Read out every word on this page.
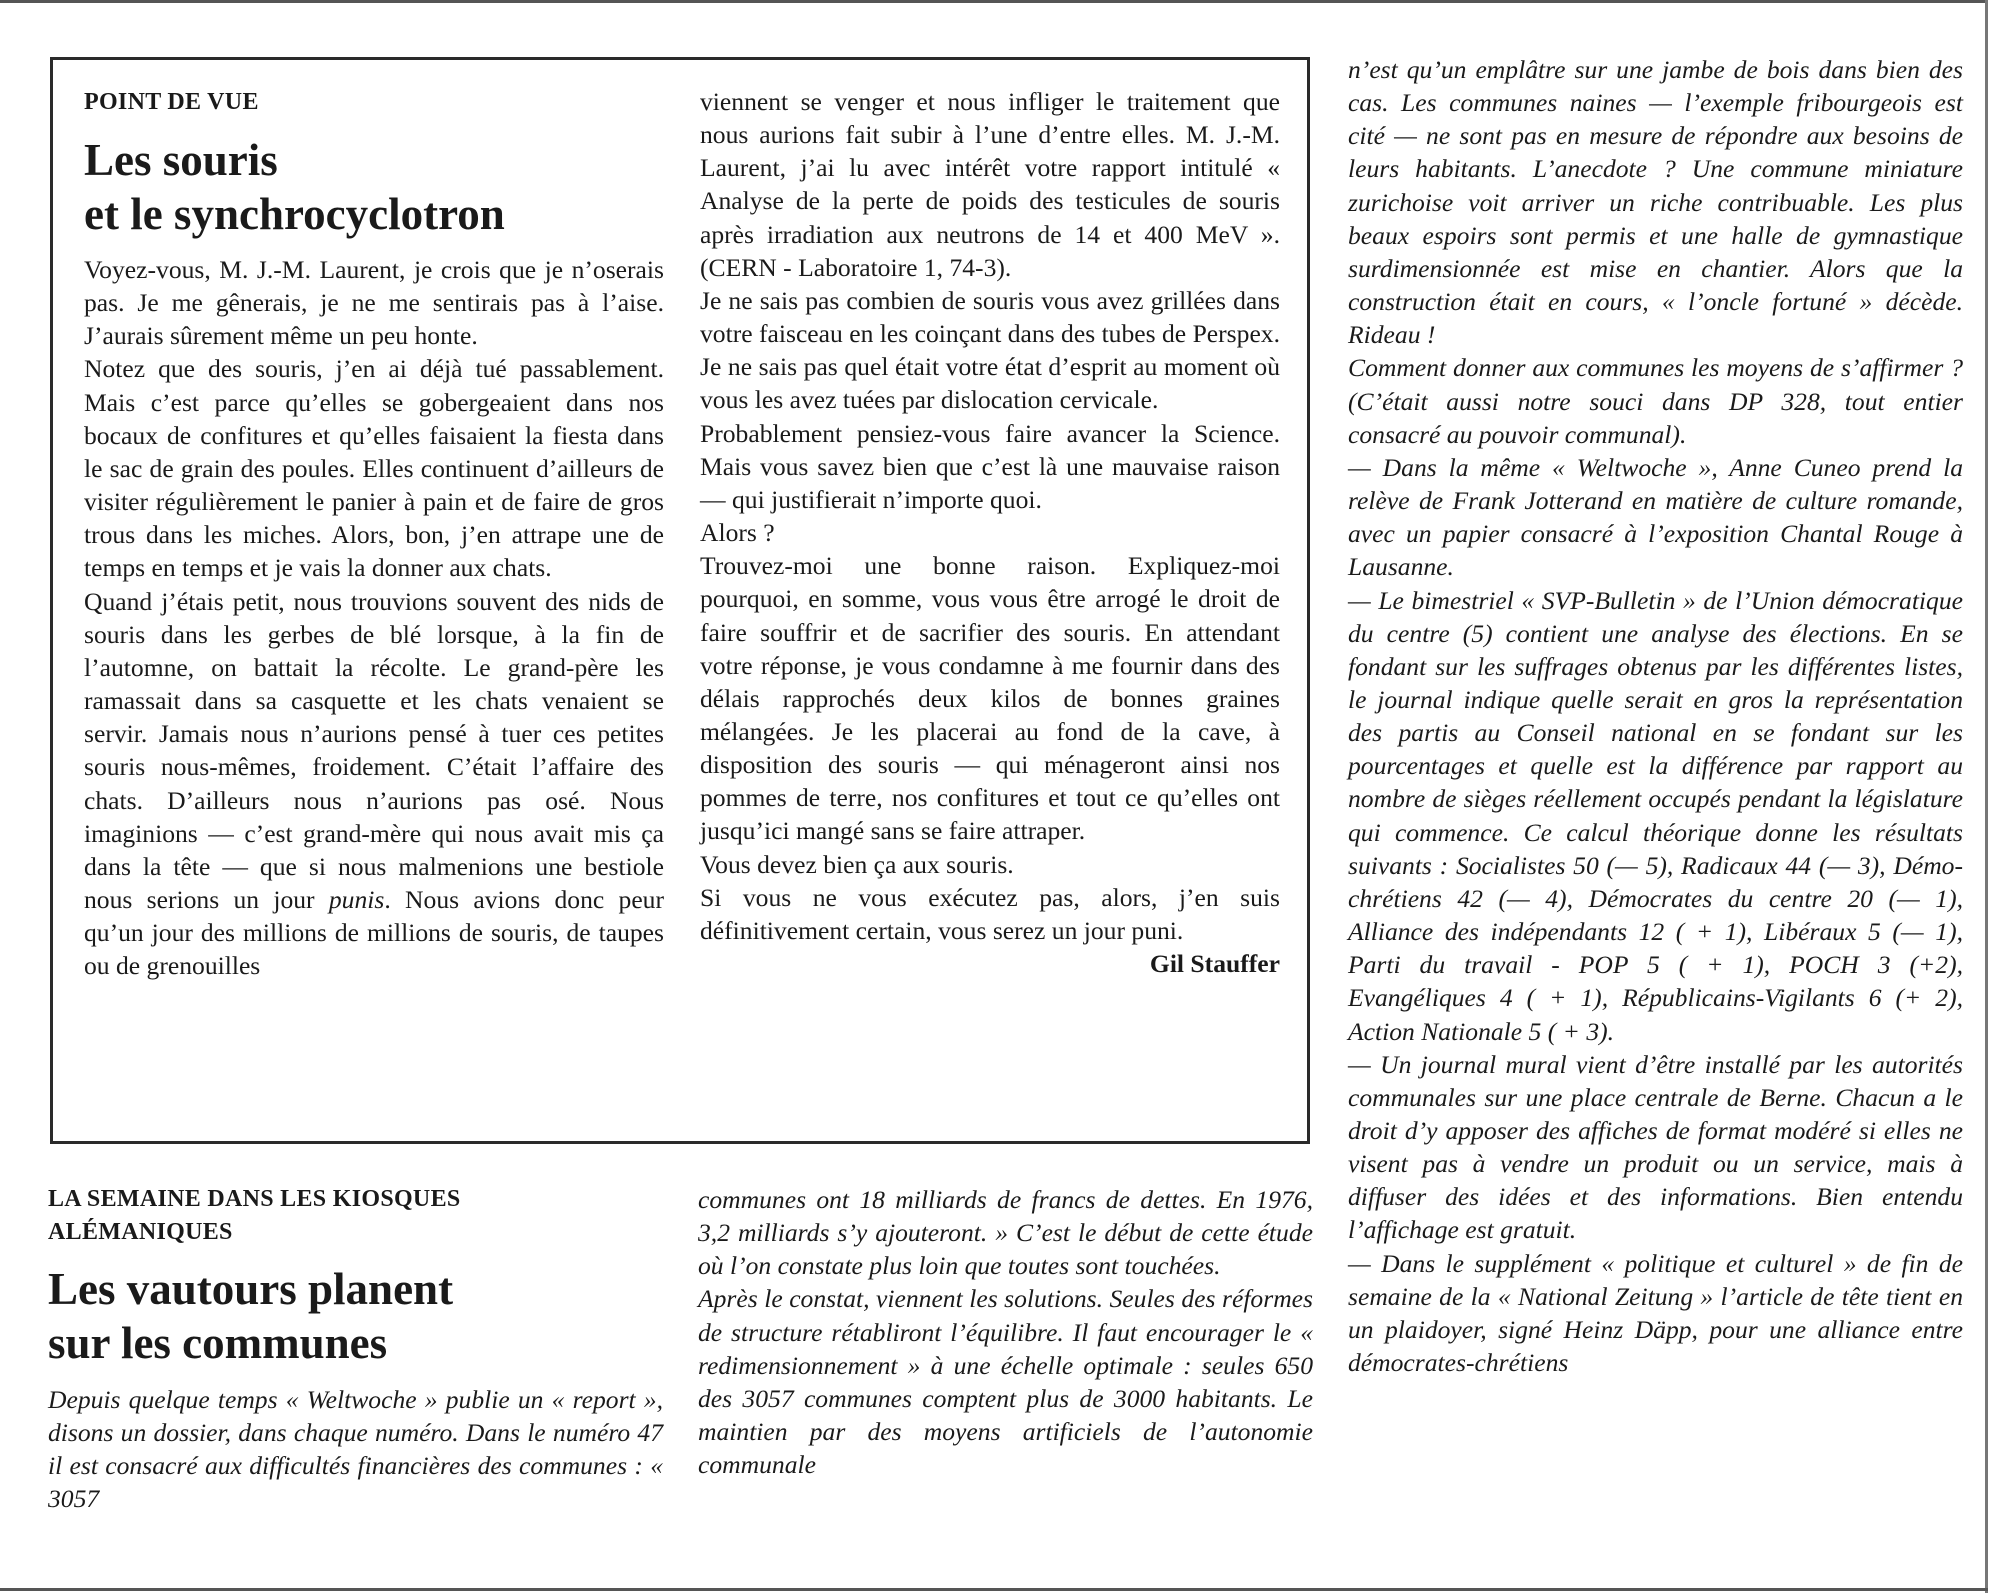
POINT DE VUE
Les souris
et le synchrocyclotron

Voyez-vous, M. J.-M. Laurent, je crois que je n’oserais pas. Je me gênerais, je ne me sentirais pas à l’aise. J’aurais sûrement même un peu honte.

Notez que des souris, j’en ai déjà tué passablement. Mais c’est parce qu’elles se gobergeaient dans nos bocaux de confitures et qu’elles faisaient la fiesta dans le sac de grain des poules. Elles continuent d’ailleurs de visiter régulièrement le panier à pain et de faire de gros trous dans les miches. Alors, bon, j’en attrape une de temps en temps et je vais la donner aux chats.

Quand j’étais petit, nous trouvions souvent des nids de souris dans les gerbes de blé lorsque, à la fin de l’automne, on battait la récolte. Le grand-père les ramassait dans sa casquette et les chats venaient se servir. Jamais nous n’aurions pensé à tuer ces petites souris nous-mêmes, froidement. C’était l’affaire des chats. D’ailleurs nous n’aurions pas osé. Nous imaginions — c’est grand-mère qui nous avait mis ça dans la tête — que si nous malmenions une bestiole nous serions un jour punis. Nous avions donc peur qu’un jour des millions de millions de souris, de taupes ou de grenouilles

viennent se venger et nous infliger le traitement que nous aurions fait subir à l’une d’entre elles. M. J.-M. Laurent, j’ai lu avec intérêt votre rapport intitulé « Analyse de la perte de poids des testicules de souris après irradiation aux neutrons de 14 et 400 MeV ». (CERN - Laboratoire 1, 74-3).

Je ne sais pas combien de souris vous avez grillées dans votre faisceau en les coinçant dans des tubes de Perspex. Je ne sais pas quel était votre état d’esprit au moment où vous les avez tuées par dislocation cervicale.

Probablement pensiez-vous faire avancer la Science. Mais vous savez bien que c’est là une mauvaise raison — qui justifierait n’importe quoi.

Alors ?

Trouvez-moi une bonne raison. Expliquez-moi pourquoi, en somme, vous vous être arrogé le droit de faire souffrir et de sacrifier des souris. En attendant votre réponse, je vous condamne à me fournir dans des délais rapprochés deux kilos de bonnes graines mélangées. Je les placerai au fond de la cave, à disposition des souris — qui ménageront ainsi nos pommes de terre, nos confitures et tout ce qu’elles ont jusqu’ici mangé sans se faire attraper.

Vous devez bien ça aux souris.

Si vous ne vous exécutez pas, alors, j’en suis définitivement certain, vous serez un jour puni.

Gil Stauffer
LA SEMAINE DANS LES KIOSQUES
ALÉMANIQUES
Les vautours planent
sur les communes

Depuis quelque temps « Weltwoche » publie un « report », disons un dossier, dans chaque numéro. Dans le numéro 47 il est consacré aux difficultés financières des communes : « 3057

communes ont 18 milliards de francs de dettes. En 1976, 3,2 milliards s’y ajouteront. » C’est le début de cette étude où l’on constate plus loin que toutes sont touchées.

Après le constat, viennent les solutions. Seules des réformes de structure rétabliront l’équilibre. Il faut encourager le « redimensionnement » à une échelle optimale : seules 650 des 3057 communes comptent plus de 3000 habitants. Le maintien par des moyens artificiels de l’autonomie communale

n’est qu’un emplâtre sur une jambe de bois dans bien des cas. Les communes naines — l’exemple fribourgeois est cité — ne sont pas en mesure de répondre aux besoins de leurs habitants. L’anecdote ? Une commune miniature zurichoise voit arriver un riche contribuable. Les plus beaux espoirs sont permis et une halle de gymnastique surdimensionnée est mise en chantier. Alors que la construction était en cours, « l’oncle fortuné » décède. Rideau !

Comment donner aux communes les moyens de s’affirmer ? (C’était aussi notre souci dans DP 328, tout entier consacré au pouvoir communal).

— Dans la même « Weltwoche », Anne Cuneo prend la relève de Frank Jotterand en matière de culture romande, avec un papier consacré à l’exposition Chantal Rouge à Lausanne.

— Le bimestriel « SVP-Bulletin » de l’Union démocratique du centre (5) contient une analyse des élections. En se fondant sur les suffrages obtenus par les différentes listes, le journal indique quelle serait en gros la représentation des partis au Conseil national en se fondant sur les pourcentages et quelle est la différence par rapport au nombre de sièges réellement occupés pendant la législature qui commence. Ce calcul théorique donne les résultats suivants : Socialistes 50 (— 5), Radicaux 44 (— 3), Démo-chrétiens 42 (— 4), Démocrates du centre 20 (— 1), Alliance des indépendants 12 ( + 1), Libéraux 5 (— 1), Parti du travail - POP 5 ( + 1), POCH 3 (+2), Evangéliques 4 ( + 1), Républicains-Vigilants 6 (+ 2), Action Nationale 5 ( + 3).

— Un journal mural vient d’être installé par les autorités communales sur une place centrale de Berne. Chacun a le droit d’y apposer des affiches de format modéré si elles ne visent pas à vendre un produit ou un service, mais à diffuser des idées et des informations. Bien entendu l’affichage est gratuit.

— Dans le supplément « politique et culturel » de fin de semaine de la « National Zeitung » l’article de tête tient en un plaidoyer, signé Heinz Däpp, pour une alliance entre démocrates-chrétiens
